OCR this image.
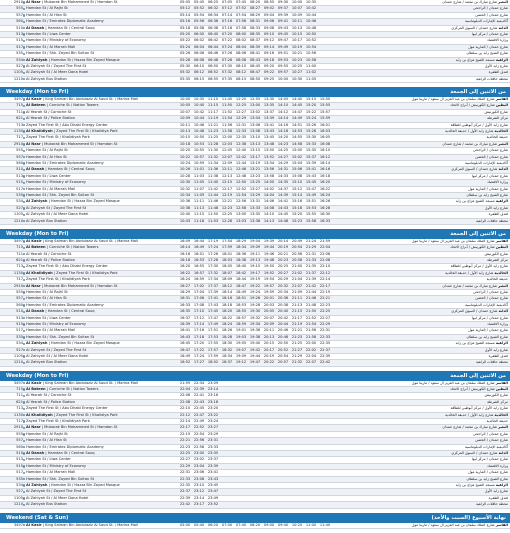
2910 Al Nasr | Mubarak Bin Mohammed St / Hamdan St	05:05	05:45	06:25	07:05	07:45	08:20	08:55	09:30	10:00	10:35	النصر شارع مبارك بن محمد / شارع حمدان
555 Hamdan St / Al Rajhi St	05:12	05:52	06:32	07:12	07:52	08:27	09:02	09:37	10:07	10:42	شارع حمدان / الراجحي
557 Hamdan St / Al Hisn St	05:14	05:54	06:34	07:14	07:54	08:29	09:04	09:39	10:09	10:44	شارع حمدان / الحصن
560 Hamdan St / Emirates Diplomatic Academy	05:16	05:56	06:36	07:16	07:56	08:31	09:06	09:41	10:11	10:46	أكاديمية الإمارات الدبلوماسية
510 Al Danah | Hamdan St / Central Souq	05:18	05:58	06:38	07:18	07:58	08:33	09:08	09:43	10:13	10:48	الدانة شارع حمدان / السوق المركزي
513 Hamdan St / Liwa Center	05:20	06:00	06:40	07:20	08:00	08:35	09:10	09:45	10:15	10:50	شارع حمدان / مركز ليوا
515 Hamdan St / Ministry of Economy	05:22	06:02	06:42	07:22	08:02	08:37	09:12	09:47	10:17	10:52	وزارة الاقتصاد
517 Hamdan St / Al Marrah Mall	05:24	06:04	06:44	07:24	08:04	08:39	09:14	09:49	10:19	10:54	شارع حمدان / المارية مول
535 Hamdan St / Shk. Zayed Bin Sultan St	05:26	06:06	06:46	07:26	08:06	08:41	09:16	09:51	10:21	10:56	شارع الشيخ زايد بن سلطان
534 Al Zahiyah | Hamdan St / Hazza Bin Zayed Mosque	05:28	06:08	06:48	07:28	08:08	08:43	09:18	09:53	10:23	10:58	الزاهية مسجد الشيخ هزاع بن زايد
527 Al Zahiyah St / Zayed The First St	05:30	06:10	06:50	07:30	08:10	08:45	09:20	09:55	10:25	11:00	شارع زايد الأول
1105 Al Zahiyah St / Al Meer Dana Hotel	05:32	06:12	06:52	07:32	08:12	08:47	09:22	09:57	10:27	11:02	فندق الظفرة
1210 Al Zahiyah Bus Station	05:35	06:15	06:55	07:35	08:15	08:50	09:25	10:00	10:30	11:05	محطة حافلات الزاهية
Weekday (Mon to Fri)	من الاثنين إلى الجمعة
3497 Al Kasir | King Salman Bin Abdulaziz Al Saud St. / Marina Mall	10:00	10:35	11:10	11:45	12:20	12:55	13:30	14:05	14:40	15:15	15:50	القاسر شارع الملك سلمان بن عبد العزيز آل سعود / مارينا مول
715 Al Bateen | Corniche St / Nation Towers	10:05	10:40	11:15	11:50	12:25	13:00	13:35	14:10	14:45	15:20	15:55	البطين شارع الكورنيش / أبراج الاتحاد
711 Al Yasrah St / Corniche St	10:07	10:42	11:17	11:52	12:27	13:02	13:37	14:12	14:47	15:22	15:57	شارع الكورنيش
621 Al Yasrah St / Police Station	10:09	10:44	11:19	11:54	12:29	13:04	13:39	14:14	14:49	15:24	15:59	مركز الشرطة
713 Zayed The First St / Abu Dhabi Energy Center	10:11	10:46	11:21	11:56	12:31	13:06	13:41	14:16	14:51	15:26	16:01	شارع زايد الأول / مركز أبوظبي للطاقة
1130 Al Khalidiyah | Zayed The First St / Khalidiya Park	10:13	10:48	11:23	11:58	12:33	13:08	13:43	14:18	14:53	15:28	16:03	الخالدية شارع زايد الأول / حديقة الخالدية
717 Zayed The First St / Khalidiyah Park	10:15	10:50	11:25	12:00	12:35	13:10	13:45	14:20	14:55	15:30	16:05	حديقة الخالدية
2910 Al Nasr | Mubarak Bin Mohammed St / Hamdan St	10:18	10:53	11:28	12:03	12:38	13:13	13:48	14:23	14:58	15:33	16:08	النصر شارع مبارك بن محمد / شارع حمدان
555 Hamdan St / Al Rajhi St	10:20	10:55	11:30	12:05	12:40	13:15	13:50	14:25	15:00	15:35	16:10	شارع حمدان / الراجحي
557 Hamdan St / Al Hisn St	10:22	10:57	11:32	12:07	12:42	13:17	13:52	14:27	15:02	15:37	16:12	شارع حمدان / الحصن
560 Hamdan St / Emirates Diplomatic Academy	10:24	10:59	11:34	12:09	12:44	13:19	13:54	14:29	15:04	15:39	16:14	أكاديمية الإمارات الدبلوماسية
510 Al Danah | Hamdan St / Central Souq	10:26	11:01	11:36	12:11	12:46	13:21	13:56	14:31	15:06	15:41	16:16	الدانة شارع حمدان / السوق المركزي
513 Hamdan St / Liwa Center	10:28	11:03	11:38	12:13	12:48	13:23	13:58	14:33	15:08	15:43	16:18	شارع حمدان / مركز ليوا
515 Hamdan St / Ministry of Economy	10:30	11:05	11:40	12:15	12:50	13:25	14:00	14:35	15:10	15:45	16:20	وزارة الاقتصاد
517 Hamdan St / Al Marrah Mall	10:32	11:07	11:42	12:17	12:52	13:27	14:02	14:37	15:12	15:47	16:22	شارع حمدان / المارية مول
535 Hamdan St / Shk. Zayed Bin Sultan St	10:34	11:09	11:44	12:19	12:54	13:29	14:04	14:39	15:14	15:49	16:24	شارع الشيخ زايد بن سلطان
534 Al Zahiyah | Hamdan St / Hazza Bin Zayed Mosque	10:36	11:11	11:46	12:21	12:56	13:31	14:06	14:41	15:16	15:51	16:26	الزاهية مسجد الشيخ هزاع بن زايد
527 Al Zahiyah St / Zayed The First St	10:38	11:13	11:48	12:23	12:58	13:33	14:08	14:43	15:18	15:53	16:28	شارع زايد الأول
1105 Al Zahiyah St / Al Meer Dana Hotel	10:40	11:15	11:50	12:25	13:00	13:35	14:10	14:45	15:20	15:55	16:30	فندق الظفرة
1210 Al Zahiyah Bus Station	10:43	11:18	11:53	12:28	13:03	13:38	14:13	14:48	15:23	15:58	16:33	محطة حافلات الزاهية
Weekday (Mon to Fri)	من الاثنين إلى الجمعة
3497 Al Kasir | King Salman Bin Abdulaziz Al Saud St. / Marina Mall	16:09	16:44	17:19	17:54	18:29	19:04	19:39	20:14	20:49	21:24	21:59	القاسر شارع الملك سلمان بن عبد العزيز آل سعود / مارينا مول
715 Al Bateen | Corniche St / Nation Towers	16:14	16:49	17:24	17:59	18:34	19:09	19:44	20:19	20:54	21:29	22:04	البطين شارع الكورنيش / أبراج الاتحاد
711 Al Yasrah St / Corniche St	16:16	16:51	17:26	18:01	18:36	19:11	19:46	20:21	20:56	21:31	22:06	شارع الكورنيش
621 Al Yasrah St / Police Station	16:18	16:53	17:28	18:03	18:38	19:13	19:48	20:23	20:58	21:33	22:08	مركز الشرطة
713 Zayed The First St / Abu Dhabi Energy Center	16:20	16:55	17:30	18:05	18:40	19:15	19:50	20:25	21:00	21:35	22:10	شارع زايد الأول / مركز أبوظبي للطاقة
1130 Al Khalidiyah | Zayed The First St / Khalidiya Park	16:22	16:57	17:32	18:07	18:42	19:17	19:52	20:27	21:02	21:37	22:12	الخالدية شارع زايد الأول / حديقة الخالدية
717 Zayed The First St / Khalidiyah Park	16:24	16:59	17:34	18:09	18:44	19:19	19:54	20:29	21:04	21:39	22:14	حديقة الخالدية
2910 Al Nasr | Mubarak Bin Mohammed St / Hamdan St	16:27	17:02	17:37	18:12	18:47	19:22	19:57	20:32	21:07	21:42	22:17	النصر شارع مبارك بن محمد / شارع حمدان
555 Hamdan St / Al Rajhi St	16:29	17:04	17:39	18:14	18:49	19:24	19:59	20:34	21:09	21:44	22:19	شارع حمدان / الراجحي
557 Hamdan St / Al Hisn St	16:31	17:06	17:41	18:16	18:51	19:26	20:01	20:36	21:11	21:46	22:21	شارع حمدان / الحصن
560 Hamdan St / Emirates Diplomatic Academy	16:33	17:08	17:43	18:18	18:53	19:28	20:03	20:38	21:13	21:48	22:23	أكاديمية الإمارات الدبلوماسية
510 Al Danah | Hamdan St / Central Souq	16:35	17:10	17:45	18:20	18:55	19:30	20:05	20:40	21:15	21:50	22:25	الدانة شارع حمدان / السوق المركزي
513 Hamdan St / Liwa Center	16:37	17:12	17:47	18:22	18:57	19:32	20:07	20:42	21:17	21:52	22:27	شارع حمدان / مركز ليوا
515 Hamdan St / Ministry of Economy	16:39	17:14	17:49	18:24	18:59	19:34	20:09	20:44	21:19	21:54	22:29	وزارة الاقتصاد
517 Hamdan St / Al Marrah Mall	16:41	17:16	17:51	18:26	19:01	19:36	20:11	20:46	21:21	21:56	22:31	شارع حمدان / المارية مول
535 Hamdan St / Shk. Zayed Bin Sultan St	16:43	17:18	17:53	18:28	19:03	19:38	20:13	20:48	21:23	21:58	22:33	شارع الشيخ زايد بن سلطان
534 Al Zahiyah | Hamdan St / Hazza Bin Zayed Mosque	16:45	17:20	17:55	18:30	19:05	19:40	20:15	20:50	21:25	22:00	22:35	الزاهية مسجد الشيخ هزاع بن زايد
527 Al Zahiyah St / Zayed The First St	16:47	17:22	17:57	18:32	19:07	19:42	20:17	20:52	21:27	22:02	22:37	شارع زايد الأول
1105 Al Zahiyah St / Al Meer Dana Hotel	16:49	17:24	17:59	18:34	19:09	19:44	20:19	20:54	21:29	22:04	22:39	فندق الظفرة
1210 Al Zahiyah Bus Station	16:52	17:27	18:02	18:37	19:12	19:47	20:22	20:57	21:32	22:07	22:42	محطة حافلات الزاهية
Weekday (Mon to Fri)	من الاثنين إلى الجمعة
3497 Al Kasir | King Salman Bin Abdulaziz Al Saud St. / Marina Mall	21:59	22:34	23:09	القاسر شارع الملك سلمان بن عبد العزيز آل سعود / مارينا مول
715 Al Bateen | Corniche St / Nation Towers	22:04	22:39	23:14	البطين شارع الكورنيش / أبراج الاتحاد
711 Al Yasrah St / Corniche St	22:06	22:41	23:16	شارع الكورنيش
621 Al Yasrah St / Police Station	22:08	22:43	23:18	مركز الشرطة
713 Zayed The First St / Abu Dhabi Energy Center	22:10	22:45	23:20	شارع زايد الأول / مركز أبوظبي للطاقة
1130 Al Khalidiyah | Zayed The First St / Khalidiya Park	22:12	22:47	23:22	الخالدية شارع زايد الأول / حديقة الخالدية
717 Zayed The First St / Khalidiyah Park	22:14	22:49	23:24	حديقة الخالدية
2910 Al Nasr | Mubarak Bin Mohammed St / Hamdan St	22:17	22:52	23:27	النصر شارع مبارك بن محمد / شارع حمدان
555 Hamdan St / Al Rajhi St	22:19	22:54	23:29	شارع حمدان / الراجحي
557 Hamdan St / Al Hisn St	22:21	22:56	23:31	شارع حمدان / الحصن
560 Hamdan St / Emirates Diplomatic Academy	22:23	22:58	23:33	أكاديمية الإمارات الدبلوماسية
510 Al Danah | Hamdan St / Central Souq	22:25	23:00	23:35	الدانة شارع حمدان / السوق المركزي
513 Hamdan St / Liwa Center	22:27	23:02	23:37	شارع حمدان / مركز ليوا
515 Hamdan St / Ministry of Economy	22:29	23:04	23:39	وزارة الاقتصاد
517 Hamdan St / Al Marrah Mall	22:31	23:06	23:41	شارع حمدان / المارية مول
535 Hamdan St / Shk. Zayed Bin Sultan St	22:33	23:08	23:43	شارع الشيخ زايد بن سلطان
534 Al Zahiyah | Hamdan St / Hazza Bin Zayed Mosque	22:35	23:10	23:45	الزاهية مسجد الشيخ هزاع بن زايد
527 Al Zahiyah St / Zayed The First St	22:37	23:12	23:47	شارع زايد الأول
1105 Al Zahiyah St / Al Meer Dana Hotel	22:39	23:14	23:49	فندق الظفرة
1210 Al Zahiyah Bus Station	22:42	23:17	23:52	محطة حافلات الزاهية
Weekend (Sat & Sun)	نهاية الأسبوع (السبت والأحد)
3497 Al Kasir | King Salman Bin Abdulaziz Al Saud St. / Marina Mall	05:00	05:40	06:20	07:00	07:40	08:20	09:00	09:40	10:20	11:00	11:40	القاسر شارع الملك سلمان بن عبد العزيز آل سعود / مارينا مول
